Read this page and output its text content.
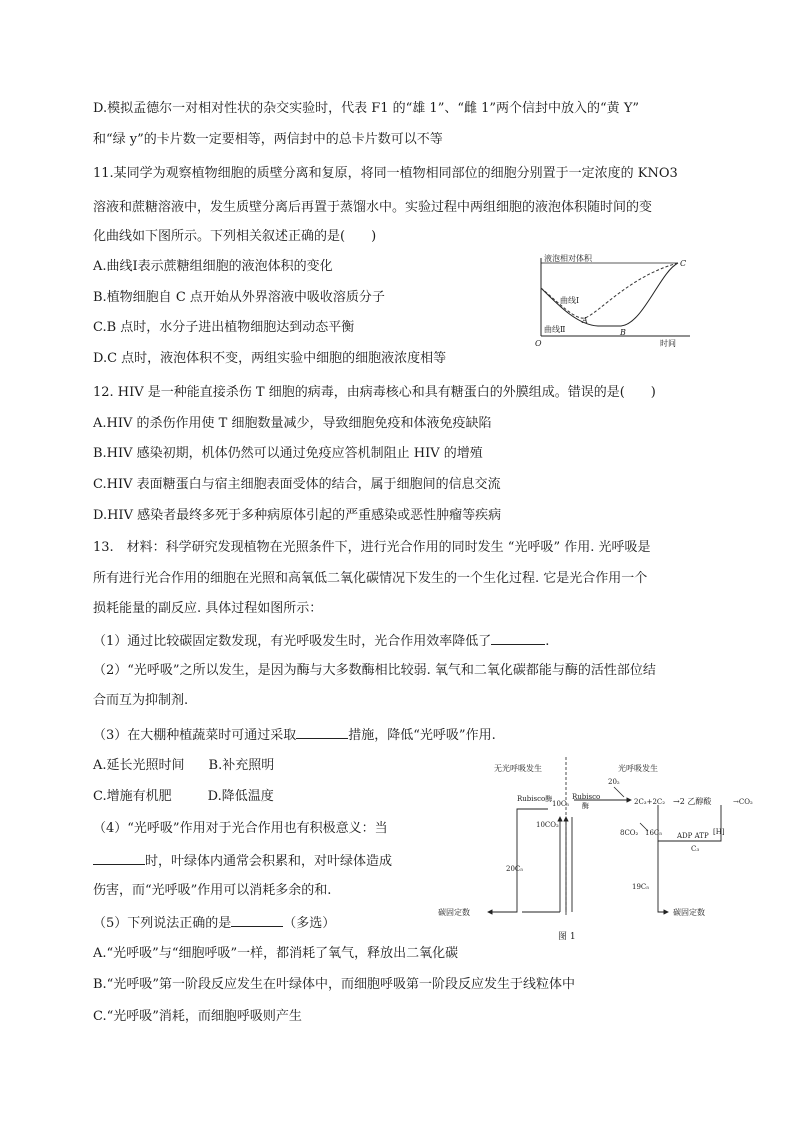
D.模拟孟德尔一对相对性状的杂交实验时，代表 F1 的“雄 1”、“雌 1”两个信封中放入的“黄 Y”
和“绿 y”的卡片数一定要相等，两信封中的总卡片数可以不等
11.某同学为观察植物细胞的质壁分离和复原，将同一植物相同部位的细胞分别置于一定浓度的 KNO3
溶液和蔗糖溶液中，发生质壁分离后再置于蒸馏水中。实验过程中两组细胞的液泡体积随时间的变
化曲线如下图所示。下列相关叙述正确的是(　　)
A.曲线Ⅰ表示蔗糖组细胞的液泡体积的变化
B.植物细胞自 C 点开始从外界溶液中吸收溶质分子
C.B 点时，水分子进出植物细胞达到动态平衡
D.C 点时，液泡体积不变，两组实验中细胞的细胞液浓度相等
液泡相对体积
C
曲线Ⅰ
A
曲线Ⅱ	B
O	时间
12. HIV 是一种能直接杀伤 T 细胞的病毒，由病毒核心和具有糖蛋白的外膜组成。错误的是(　　)
A.HIV 的杀伤作用使 T 细胞数量减少，导致细胞免疫和体液免疫缺陷
B.HIV 感染初期，机体仍然可以通过免疫应答机制阻止 HIV 的增殖
C.HIV 表面糖蛋白与宿主细胞表面受体的结合，属于细胞间的信息交流
D.HIV 感染者最终多死于多种病原体引起的严重感染或恶性肿瘤等疾病
13.　材料：科学研究发现植物在光照条件下，进行光合作用的同时发生 “光呼吸” 作用. 光呼吸是
所有进行光合作用的细胞在光照和高氧低二氧化碳情况下发生的一个生化过程. 它是光合作用一个
损耗能量的副反应. 具体过程如图所示：
（1）通过比较碳固定数发现，有光呼吸发生时，光合作用效率降低了	.
（2）“光呼吸”之所以发生，是因为酶与大多数酶相比较弱. 氧气和二氧化碳都能与酶的活性部位结
合而互为抑制剂.
（3）在大棚种植蔬菜时可通过采取	措施，降低“光呼吸”作用.
A.延长光照时间 B.补充照明
C.增施有机肥	D.降低温度
（4）“光呼吸”作用对于光合作用也有积极意义：当
时，叶绿体内通常会积累和，对叶绿体造成
伤害，而“光呼吸”作用可以消耗多余的和.
（5）下列说法正确的是	（多选）
A.“光呼吸”与“细胞呼吸”一样，都消耗了氧气，释放出二氧化碳
B.“光呼吸”第一阶段反应发生在叶绿体中，而细胞呼吸第一阶段反应发生于线粒体中
C.“光呼吸”消耗，而细胞呼吸则产生
无光呼吸发生	光呼吸发生
Rubisco酶	Rubisco
酶
20₂
10C₅
10CO₂
20C₅
2C₃+2C₂ →2 乙醇酸	→CO₂
8CO₂ 16C₅ ADP ATP [H]
C₃
19C₅
碳固定数	碳固定数
图 1
